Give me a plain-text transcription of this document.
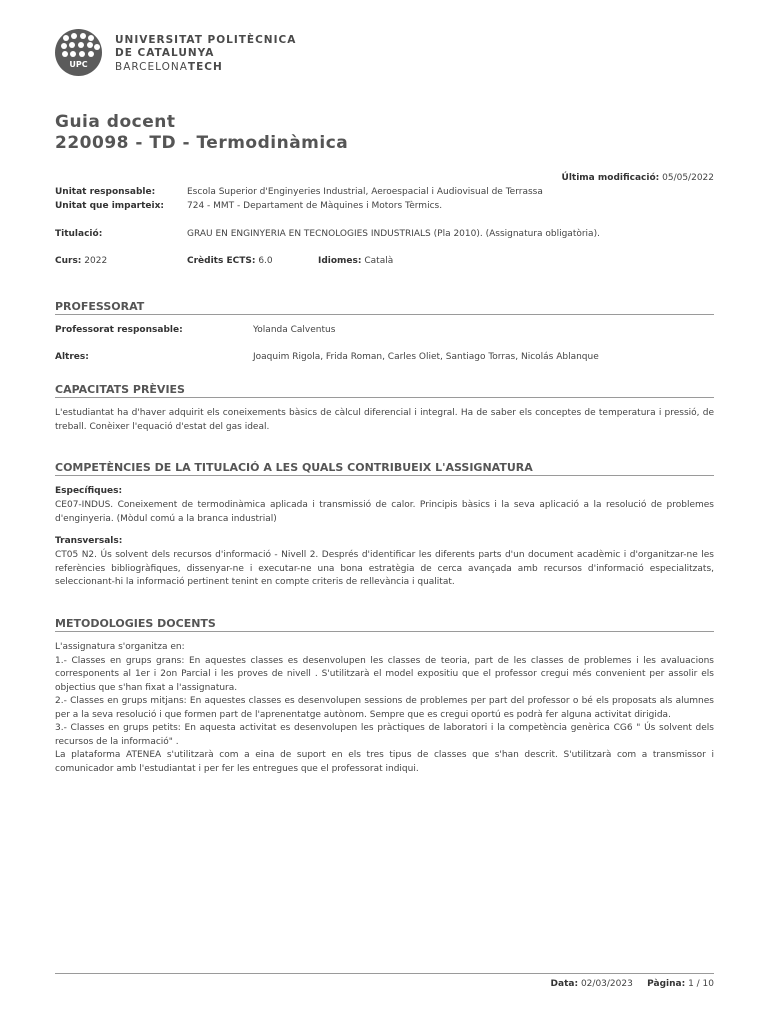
UPC
UNIVERSITAT POLITÈCNICA
DE CATALUNYA
BARCELONATECH
Guia docent
220098 - TD - Termodinàmica
Última modificació: 05/05/2022
Unitat responsable:	Escola Superior d'Enginyeries Industrial, Aeroespacial i Audiovisual de Terrassa
Unitat que imparteix:	724 - MMT - Departament de Màquines i Motors Tèrmics.
Titulació:	GRAU EN ENGINYERIA EN TECNOLOGIES INDUSTRIALS (Pla 2010). (Assignatura obligatòria).
Curs: 2022	Crèdits ECTS: 6.0	Idiomes: Català
PROFESSORAT
Professorat responsable:	Yolanda Calventus
Altres:	Joaquim Rigola, Frida Roman, Carles Oliet, Santiago Torras, Nicolás Ablanque
CAPACITATS PRÈVIES
L'estudiantat ha d'haver adquirit els coneixements bàsics de càlcul diferencial i integral. Ha de saber els conceptes de temperatura i pressió, de treball. Conèixer l'equació d'estat del gas ideal.
COMPETÈNCIES DE LA TITULACIÓ A LES QUALS CONTRIBUEIX L'ASSIGNATURA
Específiques:
CE07-INDUS. Coneixement de termodinàmica aplicada i transmissió de calor. Principis bàsics i la seva aplicació a la resolució de problemes d'enginyeria. (Mòdul comú a la branca industrial)
Transversals:
CT05 N2. Ús solvent dels recursos d'informació - Nivell 2. Després d'identificar les diferents parts d'un document acadèmic i d'organitzar-ne les referències bibliogràfiques, dissenyar-ne i executar-ne una bona estratègia de cerca avançada amb recursos d'informació especialitzats, seleccionant-hi la informació pertinent tenint en compte criteris de rellevància i qualitat.
METODOLOGIES DOCENTS
L'assignatura s'organitza en:
1.- Classes en grups grans: En aquestes classes es desenvolupen les classes de teoria, part de les classes de problemes i les avaluacions corresponents al 1er i 2on Parcial i les proves de nivell . S'utilitzarà el model expositiu que el professor cregui més convenient per assolir els objectius que s'han fixat a l'assignatura.
2.- Classes en grups mitjans: En aquestes classes es desenvolupen sessions de problemes per part del professor o bé els proposats als alumnes per a la seva resolució i que formen part de l'aprenentatge autònom. Sempre que es cregui oportú es podrà fer alguna activitat dirigida.
3.- Classes en grups petits: En aquesta activitat es desenvolupen les pràctiques de laboratori i la competència genèrica CG6 " Ús solvent dels recursos de la informació" .
La plataforma ATENEA s'utilitzarà com a eina de suport en els tres tipus de classes que s'han descrit. S'utilitzarà com a transmissor i comunicador amb l'estudiantat i per fer les entregues que el professorat indiqui.
Data: 02/03/2023 Pàgina: 1 / 10
